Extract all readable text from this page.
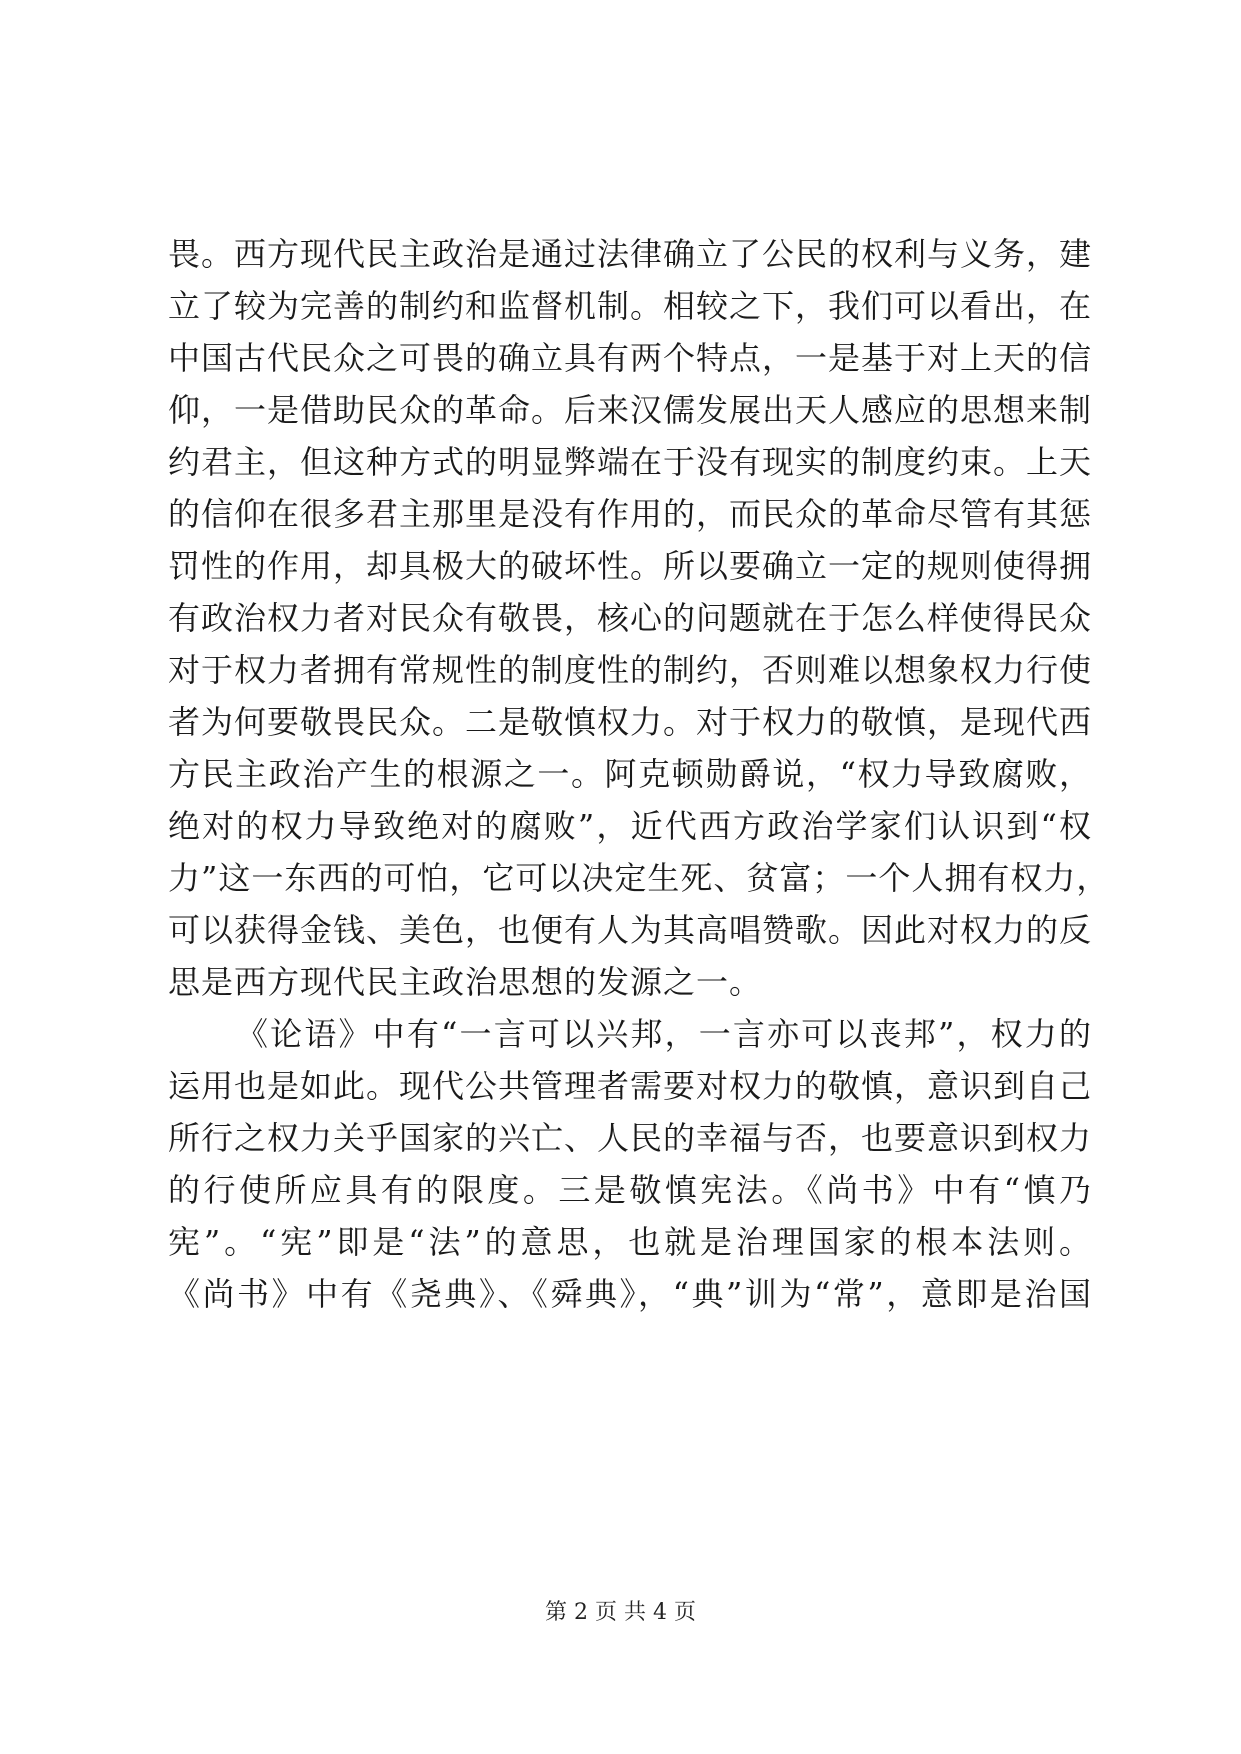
畏。西方现代民主政治是通过法律确立了公民的权利与义务，建
立了较为完善的制约和监督机制。相较之下，我们可以看出，在
中国古代民众之可畏的确立具有两个特点，一是基于对上天的信
仰，一是借助民众的革命。后来汉儒发展出天人感应的思想来制
约君主，但这种方式的明显弊端在于没有现实的制度约束。上天
的信仰在很多君主那里是没有作用的，而民众的革命尽管有其惩
罚性的作用，却具极大的破坏性。所以要确立一定的规则使得拥
有政治权力者对民众有敬畏，核心的问题就在于怎么样使得民众
对于权力者拥有常规性的制度性的制约，否则难以想象权力行使
者为何要敬畏民众。二是敬慎权力。对于权力的敬慎，是现代西
方民主政治产生的根源之一。阿克顿勋爵说，“权力导致腐败，
绝对的权力导致绝对的腐败”，近代西方政治学家们认识到“权
力”这一东西的可怕，它可以决定生死、贫富；一个人拥有权力，
可以获得金钱、美色，也便有人为其高唱赞歌。因此对权力的反
思是西方现代民主政治思想的发源之一。
《论语》中有“一言可以兴邦，一言亦可以丧邦”，权力的
运用也是如此。现代公共管理者需要对权力的敬慎，意识到自己
所行之权力关乎国家的兴亡、人民的幸福与否，也要意识到权力
的行使所应具有的限度。三是敬慎宪法。《尚书》中有“慎乃
宪”。“宪”即是“法”的意思，也就是治理国家的根本法则。
《尚书》中有《尧典》、《舜典》，“典”训为“常”，意即是治国
第 2 页 共 4 页
